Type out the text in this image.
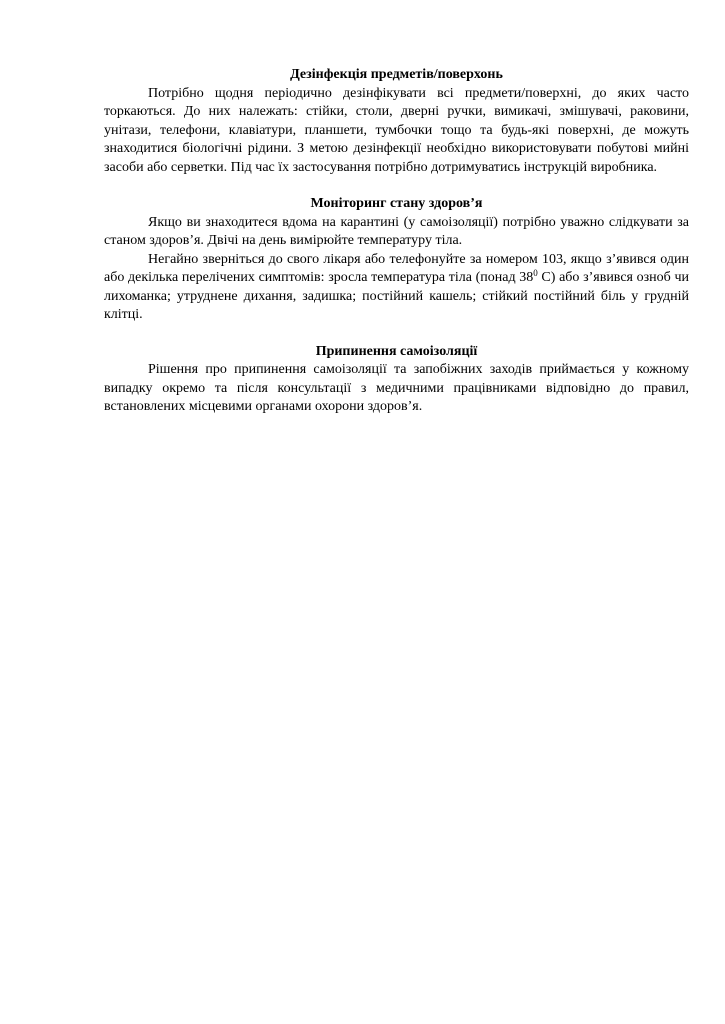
Дезінфекція предметів/поверхонь

Потрібно щодня періодично дезінфікувати всі предмети/поверхні, до яких часто торкаються. До них належать: стійки, столи, дверні ручки, вимикачі, змішувачі, раковини, унітази, телефони, клавіатури, планшети, тумбочки тощо та будь-які поверхні, де можуть знаходитися біологічні рідини. З метою дезінфекції необхідно використовувати побутові мийні засоби або серветки. Під час їх застосування потрібно дотримуватись інструкцій виробника.

Моніторинг стану здоров’я

Якщо ви знаходитеся вдома на карантині (у самоізоляції) потрібно уважно слідкувати за станом здоров’я. Двічі на день вимірюйте температуру тіла.

Негайно зверніться до свого лікаря або телефонуйте за номером 103, якщо з’явився один або декілька перелічених симптомів: зросла температура тіла (понад $38^0$ С) або з’явився озноб чи лихоманка; утруднене дихання, задишка; постійний кашель; стійкий постійний біль у грудній клітці.

Припинення самоізоляції

Рішення про припинення самоізоляції та запобіжних заходів приймається у кожному випадку окремо та після консультації з медичними працівниками відповідно до правил, встановлених місцевими органами охорони здоров’я.
